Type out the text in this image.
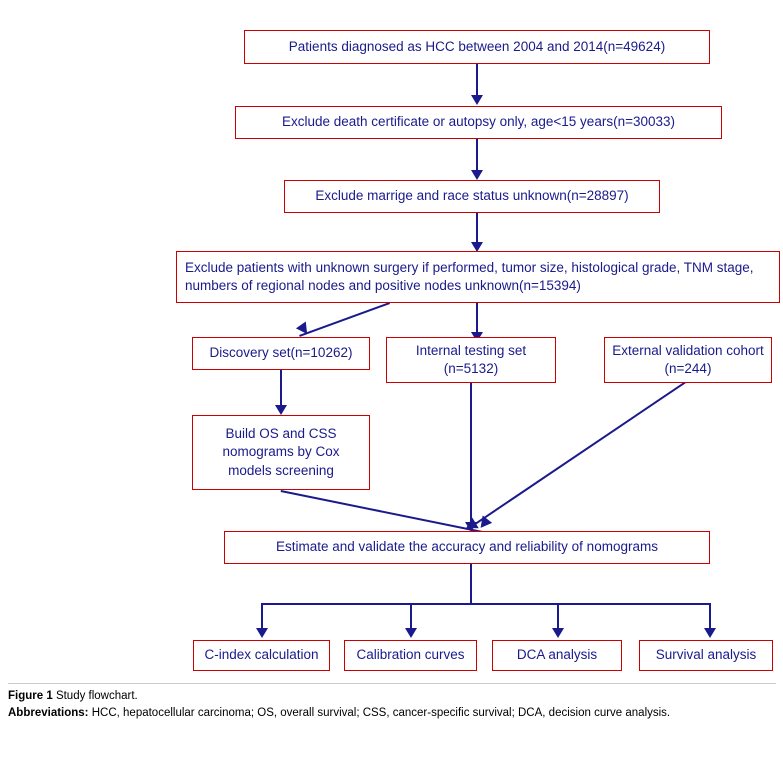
Patients diagnosed as HCC between 2004 and 2014(n=49624)
Exclude death certificate or autopsy only, age<15 years(n=30033)
Exclude marrige and race status unknown(n=28897)
Exclude patients with unknown surgery if performed, tumor size, histological grade, TNM stage, numbers of regional nodes and positive nodes unknown(n=15394)
Discovery set(n=10262)	Internal testing set (n=5132)
External validation cohort (n=244)
Build OS and CSS nomograms by Cox models screening
Estimate and validate the accuracy and reliability of nomograms
C-index calculation	Calibration curves	DCA analysis	Survival analysis

Figure 1 Study flowchart.

Abbreviations: HCC, hepatocellular carcinoma; OS, overall survival; CSS, cancer-specific survival; DCA, decision curve analysis.
